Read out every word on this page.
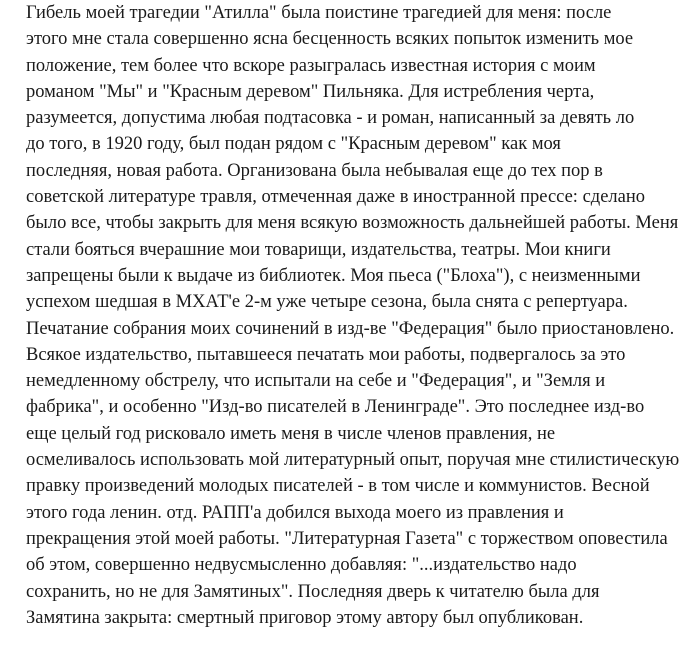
Гибель моей трагедии "Атилла" была поистине трагедией для меня: после
этого мне стала совершенно ясна бесценность всяких попыток изменить мое
положение, тем более что вскоре разыгралась известная история с моим
романом "Мы" и "Красным деревом" Пильняка. Для истребления черта,
разумеется, допустима любая подтасовка - и роман, написанный за девять ло
до того, в 1920 году, был подан рядом с "Красным деревом" как моя
последняя, новая работа. Организована была небывалая еще до тех пор в
советской литературе травля, отмеченная даже в иностранной прессе: сделано
было все, чтобы закрыть для меня всякую возможность дальнейшей работы. Меня
стали бояться вчерашние мои товарищи, издательства, театры. Мои книги
запрещены были к выдаче из библиотек. Моя пьеса ("Блоха"), с неизменными
успехом шедшая в МХАТ'е 2-м уже четыре сезона, была снята с репертуара.
Печатание собрания моих сочинений в изд-ве "Федерация" было приостановлено.
Всякое издательство, пытавшееся печатать мои работы, подвергалось за это
немедленному обстрелу, что испытали на себе и "Федерация", и "Земля и
фабрика", и особенно "Изд-во писателей в Ленинграде". Это последнее изд-во
еще целый год рисковало иметь меня в числе членов правления, не
осмеливалось использовать мой литературный опыт, поручая мне стилистическую
правку произведений молодых писателей - в том числе и коммунистов. Весной
этого года ленин. отд. РАПП'а добился выхода моего из правления и
прекращения этой моей работы. "Литературная Газета" с торжеством оповестила
об этом, совершенно недвусмысленно добавляя: "...издательство надо
сохранить, но не для Замятиных". Последняя дверь к читателю была для
Замятина закрыта: смертный приговор этому автору был опубликован.
